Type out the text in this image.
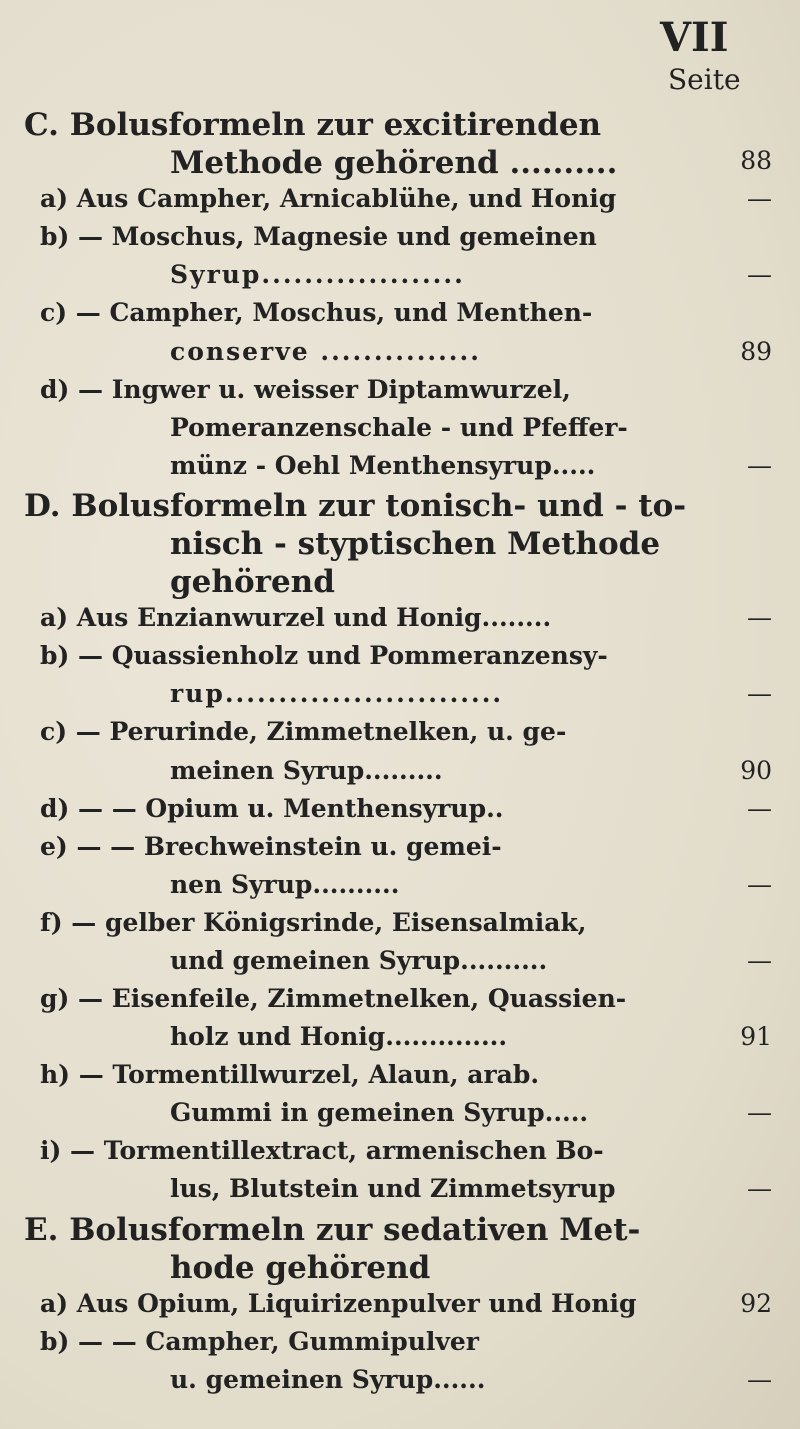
VII
Seite
C. Bolusformeln zur excitirenden
Methode gehörend ..........	88
a) Aus Campher, Arnicablühe, und Honig	—
b) — Moschus, Magnesie und gemeinen
Syrup...................	—
c) — Campher, Moschus, und Menthen-
conserve ...............	89
d) — Ingwer u. weisser Diptamwurzel,
Pomeranzenschale - und Pfeffer-
münz - Oehl Menthensyrup.....	—
D. Bolusformeln zur tonisch- und - to-
nisch - styptischen Methode
gehörend
a) Aus Enzianwurzel und Honig........	—
b) — Quassienholz und Pommeranzensy-
rup..........................	—
c) — Perurinde, Zimmetnelken, u. ge-
meinen Syrup.........	90
d) — — Opium u. Menthensyrup..	—
e) — — Brechweinstein u. gemei-
nen Syrup..........	—
f) — gelber Königsrinde, Eisensalmiak,
und gemeinen Syrup..........	—
g) — Eisenfeile, Zimmetnelken, Quassien-
holz und Honig..............	91
h) — Tormentillwurzel, Alaun, arab.
Gummi in gemeinen Syrup.....	—
i) — Tormentillextract, armenischen Bo-
lus, Blutstein und Zimmetsyrup	—
E. Bolusformeln zur sedativen Met-
hode gehörend
a) Aus Opium, Liquirizenpulver und Honig	92
b) — — Campher, Gummipulver
u. gemeinen Syrup......	—
